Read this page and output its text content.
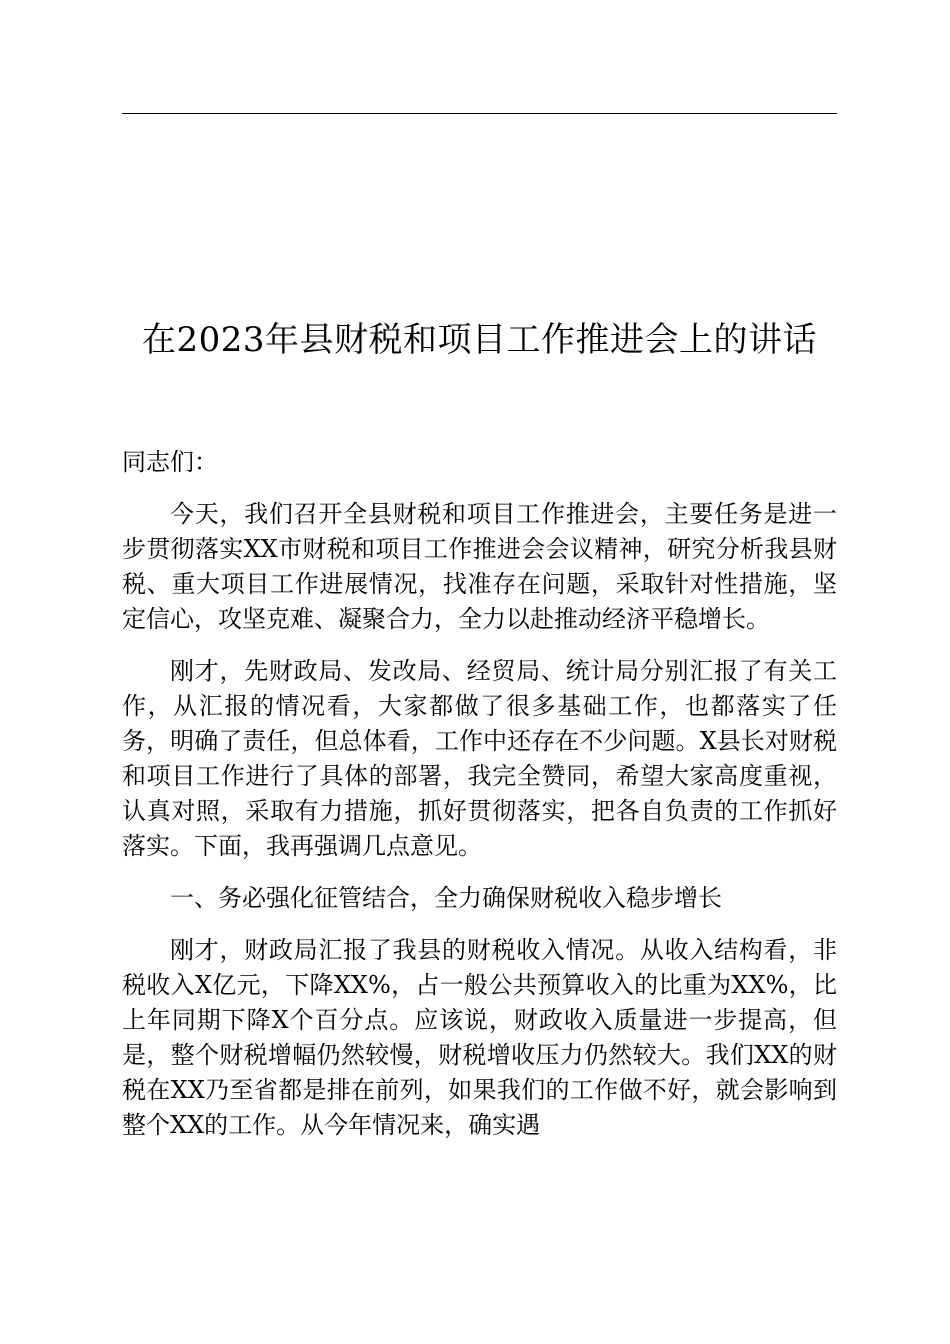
在2023年县财税和项目工作推进会上的讲话

同志们：

今天，我们召开全县财税和项目工作推进会，主要任务是进一步贯彻落实XX市财税和项目工作推进会会议精神，研究分析我县财税、重大项目工作进展情况，找准存在问题，采取针对性措施，坚定信心，攻坚克难、凝聚合力，全力以赴推动经济平稳增长。

刚才，先财政局、发改局、经贸局、统计局分别汇报了有关工作，从汇报的情况看，大家都做了很多基础工作，也都落实了任务，明确了责任，但总体看，工作中还存在不少问题。X县长对财税和项目工作进行了具体的部署，我完全赞同，希望大家高度重视，认真对照，采取有力措施，抓好贯彻落实，把各自负责的工作抓好落实。下面，我再强调几点意见。

一、务必强化征管结合，全力确保财税收入稳步增长

刚才，财政局汇报了我县的财税收入情况。从收入结构看，非税收入X亿元，下降XX%，占一般公共预算收入的比重为XX%，比上年同期下降X个百分点。应该说，财政收入质量进一步提高，但是，整个财税增幅仍然较慢，财税增收压力仍然较大。我们XX的财税在XX乃至省都是排在前列，如果我们的工作做不好，就会影响到整个XX的工作。从今年情况来，确实遇
